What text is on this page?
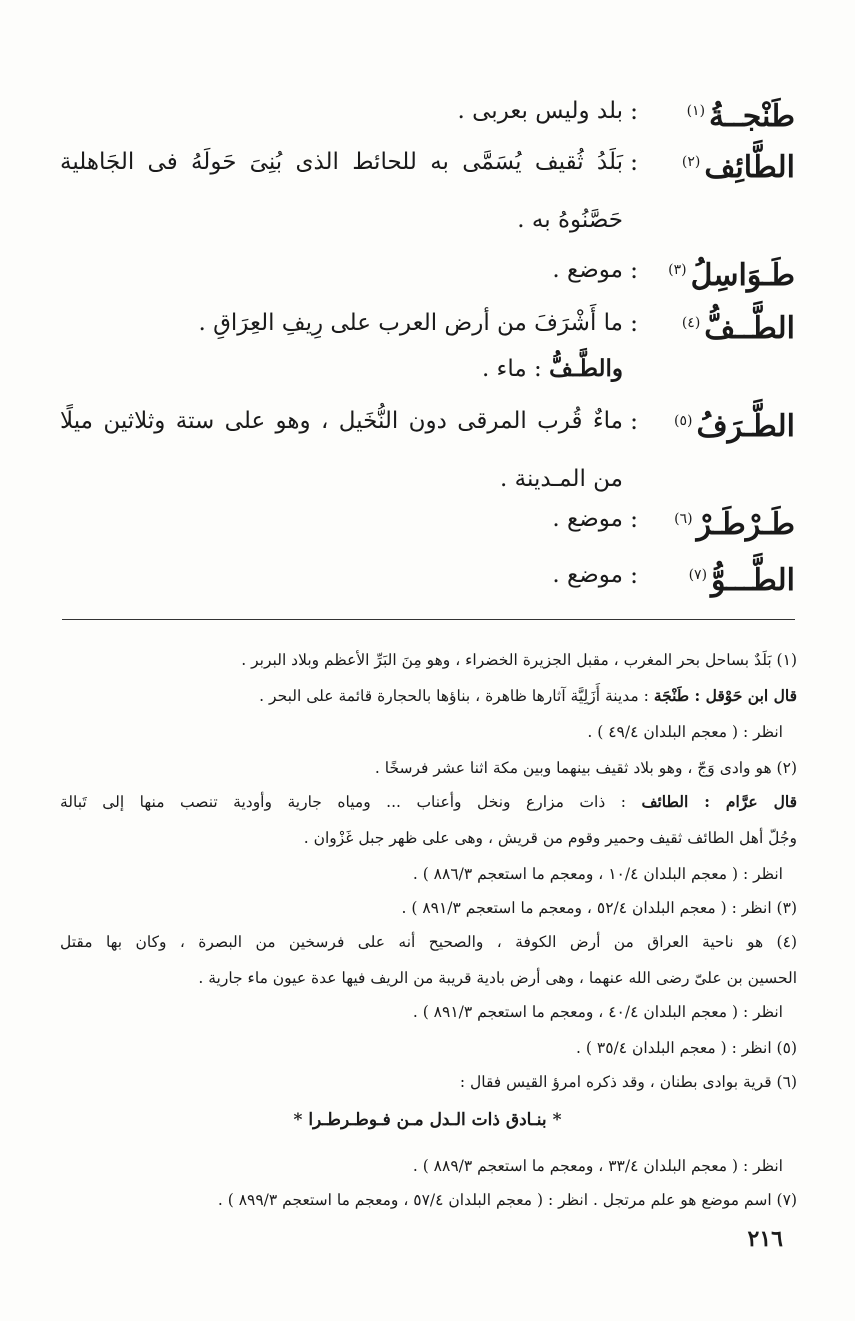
طَنْجــةُ$^{(١)}$
:
بلد وليس بعربى .
الطَّائِف$^{(٢)}$
:
بَلَدُ ثُقيف يُسَمَّى به للحائط الذى بُنِىَ حَولَهُ فى الجَاهلية
حَصَّنُوهُ به .
طَـوَاسِلُ$^{(٣)}$
:
موضع .
الطَّــفُّ$^{(٤)}$
:
ما أَشْرَفَ من أرض العرب على رِيفِ العِرَاقِ .
والطَّـفُّ : ماء .
الطَّـرَفُ$^{(٥)}$
:
ماءٌ قُرب المرقى دون النُّخَيل ، وهو على ستة وثلاثين ميلًا
من المـدينة .
طَـرْطَـرْ$^{(٦)}$
:
موضع .
الطَّـــوُّ$^{(٧)}$
:
موضع .
(١) بَلَدٌ بساحل بحر المغرب ، مقبل الجزيرة الخضراء ، وهو مِنَ البَرِّ الأعظم وبلاد البربر .
قال ابن حَوْقل : طَنْجَة : مدينة أَزَلِيَّة آثارها ظاهرة ، بناؤها بالحجارة قائمة على البحر .
انظر : ( معجم البلدان ٤٩/٤ ) .
(٢) هو وادى وَجّ ، وهو بلاد ثقيف بينهما وبين مكة اثنا عشر فرسخًا .
قال عرَّام : الطائف : ذات مزارع ونخل وأعناب ... ومياه جارية وأودية تنصب منها إلى تَبالة
وجُلّ أهل الطائف ثقيف وحمير وقوم من قريش ، وهى على ظهر جبل غَزْوان .
انظر : ( معجم البلدان ١٠/٤ ، ومعجم ما استعجم ٨٨٦/٣ ) .
(٣) انظر : ( معجم البلدان ٥٢/٤ ، ومعجم ما استعجم ٨٩١/٣ ) .
(٤) هو ناحية العراق من أرض الكوفة ، والصحيح أنه على فرسخين من البصرة ، وكان بها مقتل
الحسين بن علىّ رضى الله عنهما ، وهى أرض بادية قريبة من الريف فيها عدة عيون ماء جارية .
انظر : ( معجم البلدان ٤٠/٤ ، ومعجم ما استعجم ٨٩١/٣ ) .
(٥) انظر : ( معجم البلدان ٣٥/٤ ) .
(٦) قرية بوادى بطنان ، وقد ذكره امرؤ القيس فقال :
* بنـادق ذات الـدل مـن فـوطـرطـرا *
انظر : ( معجم البلدان ٣٣/٤ ، ومعجم ما استعجم ٨٨٩/٣ ) .
(٧) اسم موضع هو علم مرتجل . انظر : ( معجم البلدان ٥٧/٤ ، ومعجم ما استعجم ٨٩٩/٣ ) .
٢١٦
